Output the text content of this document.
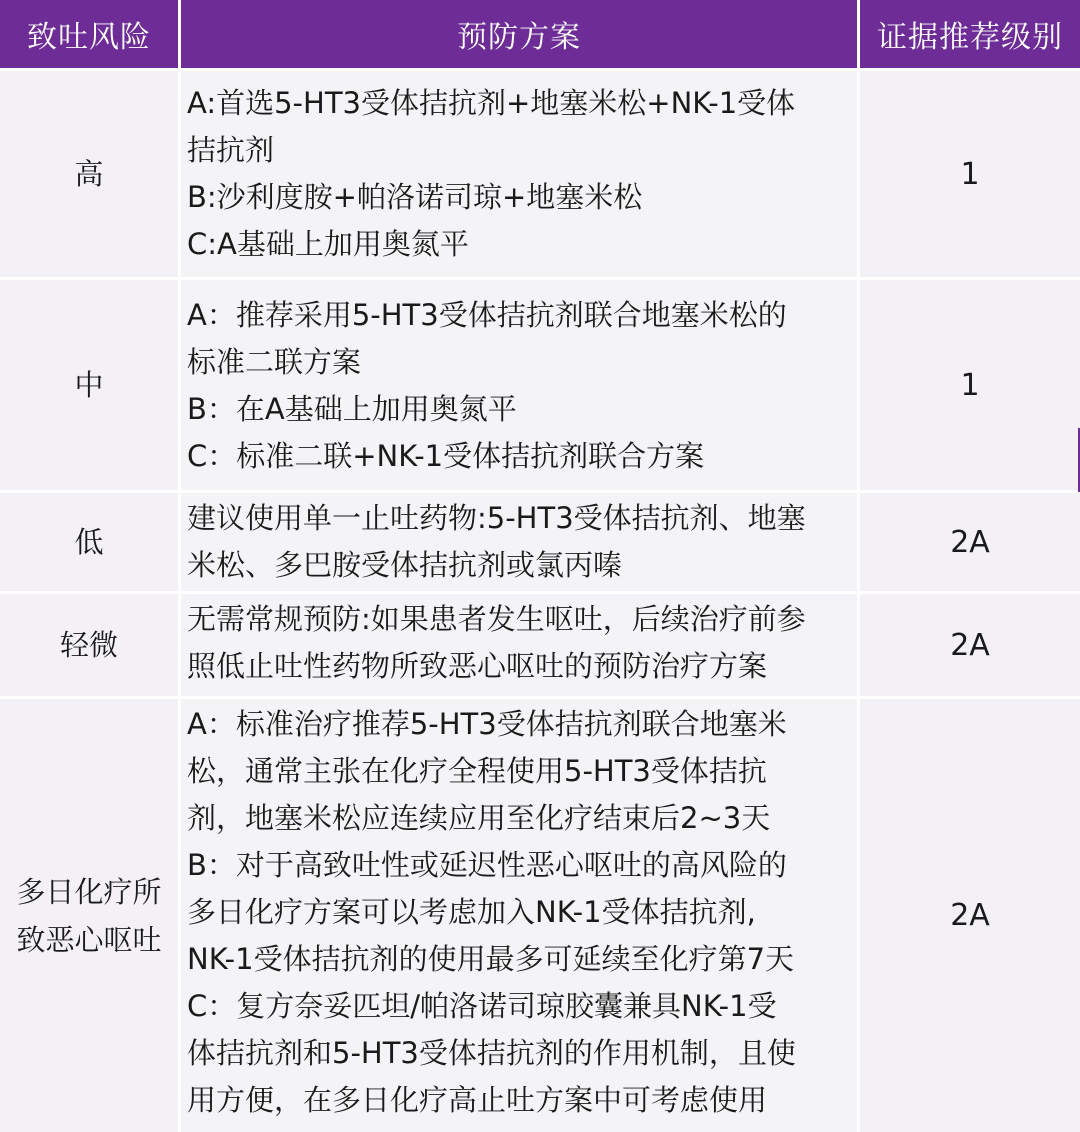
致吐风险	预防方案	证据推荐级别
高
A:首选5-HT3受体拮抗剂+地塞米松+NK-1受体
拮抗剂
B:沙利度胺+帕洛诺司琼+地塞米松
C:A基础上加用奥氮平
1
中
A：推荐采用5-HT3受体拮抗剂联合地塞米松的
标准二联方案
B：在A基础上加用奥氮平
C：标准二联+NK-1受体拮抗剂联合方案
1
低
建议使用单一止吐药物:5-HT3受体拮抗剂、地塞
米松、多巴胺受体拮抗剂或氯丙嗪
2A
轻微
无需常规预防:如果患者发生呕吐，后续治疗前参
照低止吐性药物所致恶心呕吐的预防治疗方案
2A
多日化疗所
致恶心呕吐
A：标准治疗推荐5-HT3受体拮抗剂联合地塞米
松，通常主张在化疗全程使用5-HT3受体拮抗
剂，地塞米松应连续应用至化疗结束后2~3天
B：对于高致吐性或延迟性恶心呕吐的高风险的
多日化疗方案可以考虑加入NK-1受体拮抗剂,
NK-1受体拮抗剂的使用最多可延续至化疗第7天
C：复方奈妥匹坦/帕洛诺司琼胶囊兼具NK-1受
体拮抗剂和5-HT3受体拮抗剂的作用机制，且使
用方便，在多日化疗高止吐方案中可考虑使用
2A
